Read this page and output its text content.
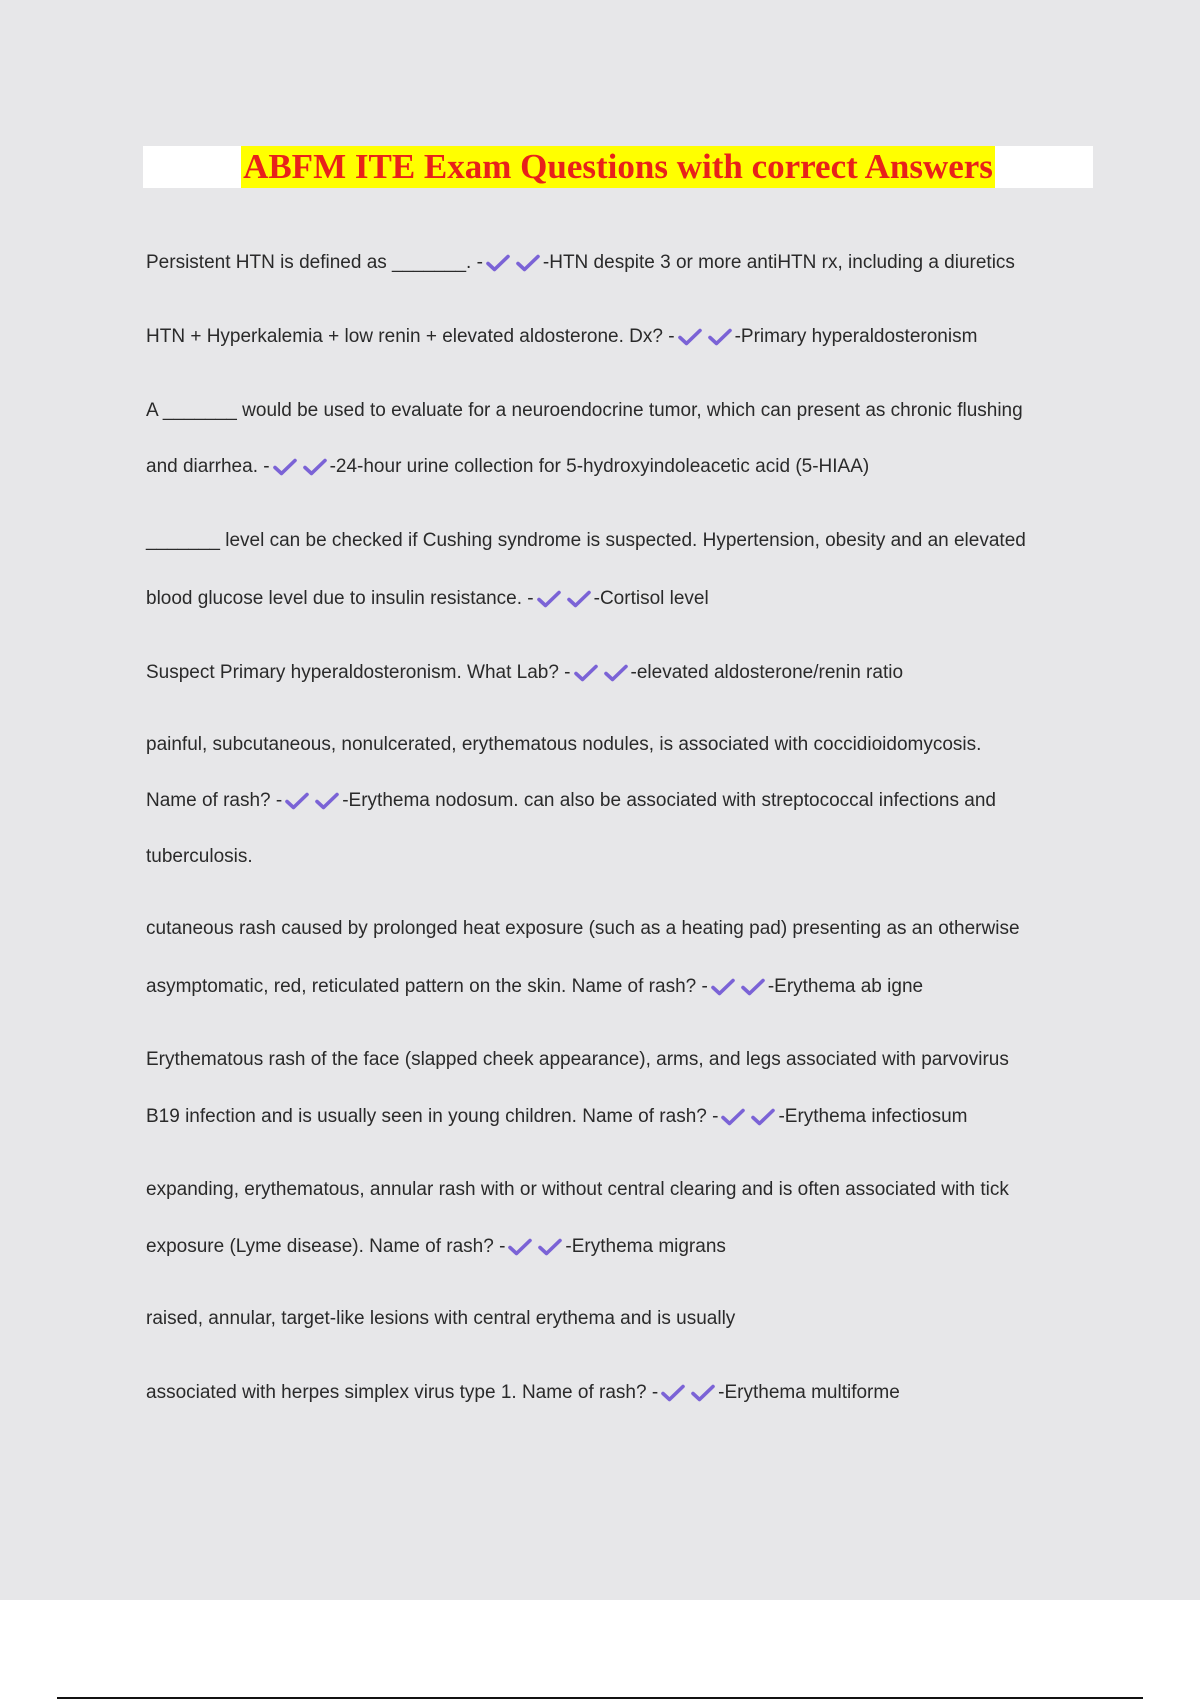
ABFM ITE Exam Questions with correct Answers
Persistent HTN is defined as _______. -	-HTN despite 3 or more antiHTN rx, including a diuretics
HTN + Hyperkalemia + low renin + elevated aldosterone. Dx? -	-Primary hyperaldosteronism
A _______ would be used to evaluate for a neuroendocrine tumor, which can present as chronic flushing
and diarrhea. -	-24-hour urine collection for 5-hydroxyindoleacetic acid (5-HIAA)
_______ level can be checked if Cushing syndrome is suspected. Hypertension, obesity and an elevated
blood glucose level due to insulin resistance. -	-Cortisol level
Suspect Primary hyperaldosteronism. What Lab? -	-elevated aldosterone/renin ratio
painful, subcutaneous, nonulcerated, erythematous nodules, is associated with coccidioidomycosis.
Name of rash? -	-Erythema nodosum. can also be associated with streptococcal infections and
tuberculosis.
cutaneous rash caused by prolonged heat exposure (such as a heating pad) presenting as an otherwise
asymptomatic, red, reticulated pattern on the skin. Name of rash? -	-Erythema ab igne
Erythematous rash of the face (slapped cheek appearance), arms, and legs associated with parvovirus
B19 infection and is usually seen in young children. Name of rash? -	-Erythema infectiosum
expanding, erythematous, annular rash with or without central clearing and is often associated with tick
exposure (Lyme disease). Name of rash? -	-Erythema migrans
raised, annular, target-like lesions with central erythema and is usually
associated with herpes simplex virus type 1. Name of rash? -	-Erythema multiforme
